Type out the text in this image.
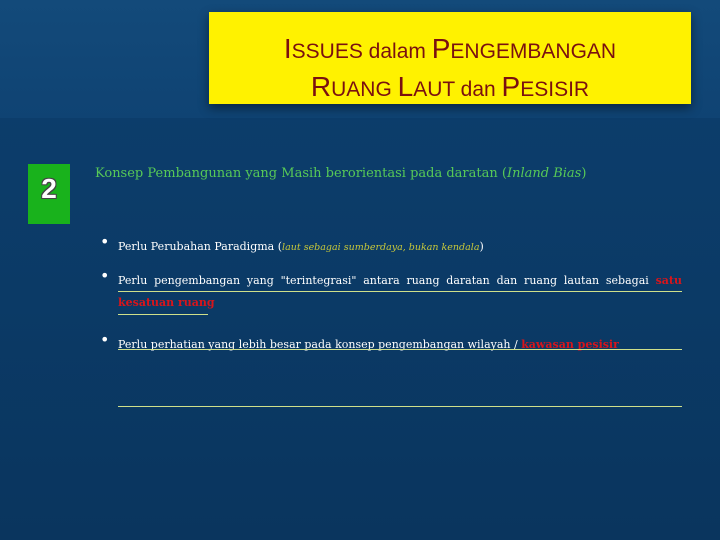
ISSUES dalam PENGEMBANGAN
RUANG LAUT dan PESISIR
2	Konsep Pembangunan yang Masih berorientasi pada daratan (Inland Bias)
• Perlu Perubahan Paradigma (laut sebagai sumberdaya, bukan kendala)
• Perlu pengembangan yang "terintegrasi" antara ruang daratan dan ruang lautan sebagai satu kesatuan ruang
• Perlu perhatian yang lebih besar pada konsep pengembangan wilayah / kawasan pesisir
